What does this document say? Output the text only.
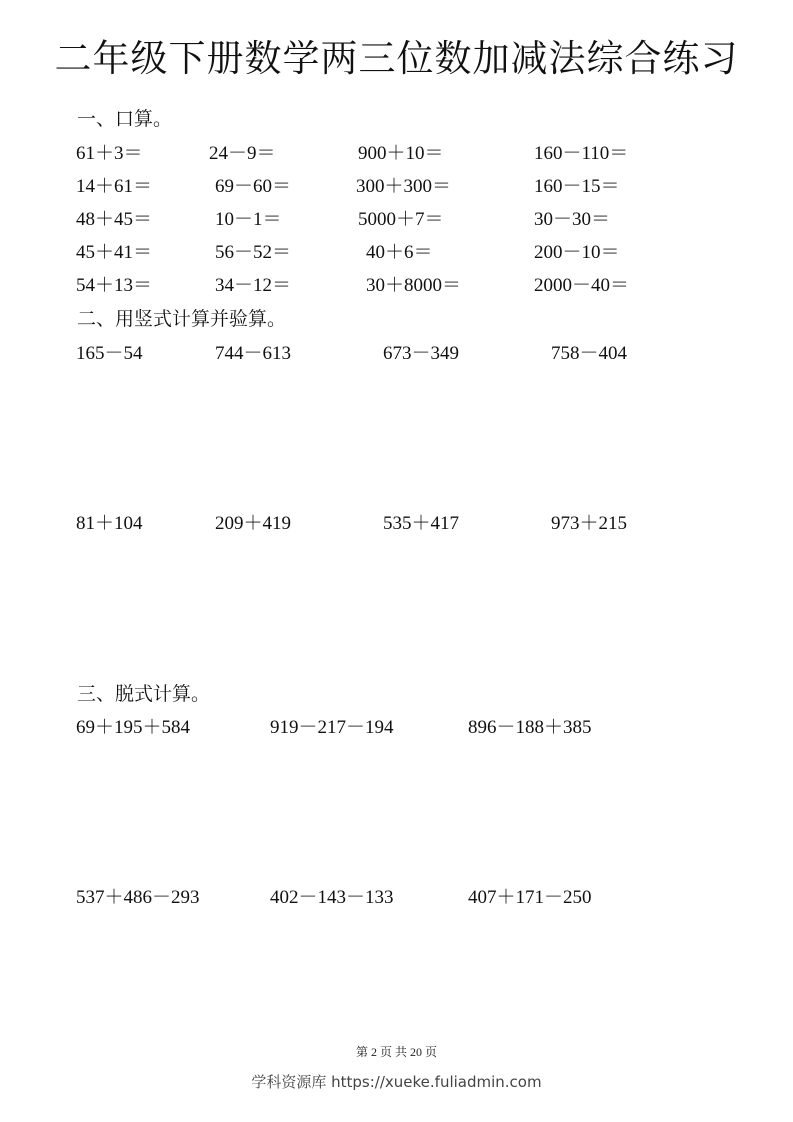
二年级下册数学两三位数加减法综合练习
一、口算。
61＋3＝	24－9＝	900＋10＝	160－110＝
14＋61＝	69－60＝	300＋300＝	160－15＝
48＋45＝	10－1＝	5000＋7＝	30－30＝
45＋41＝	56－52＝	40＋6＝	200－10＝
54＋13＝	34－12＝	30＋8000＝	2000－40＝
二、用竖式计算并验算。
165－54	744－613	673－349	758－404
81＋104	209＋419	535＋417	973＋215
三、脱式计算。
69＋195＋584	919－217－194	896－188＋385
537＋486－293	402－143－133	407＋171－250
第 2 页 共 20 页
学科资源库 https://xueke.fuliadmin.com
